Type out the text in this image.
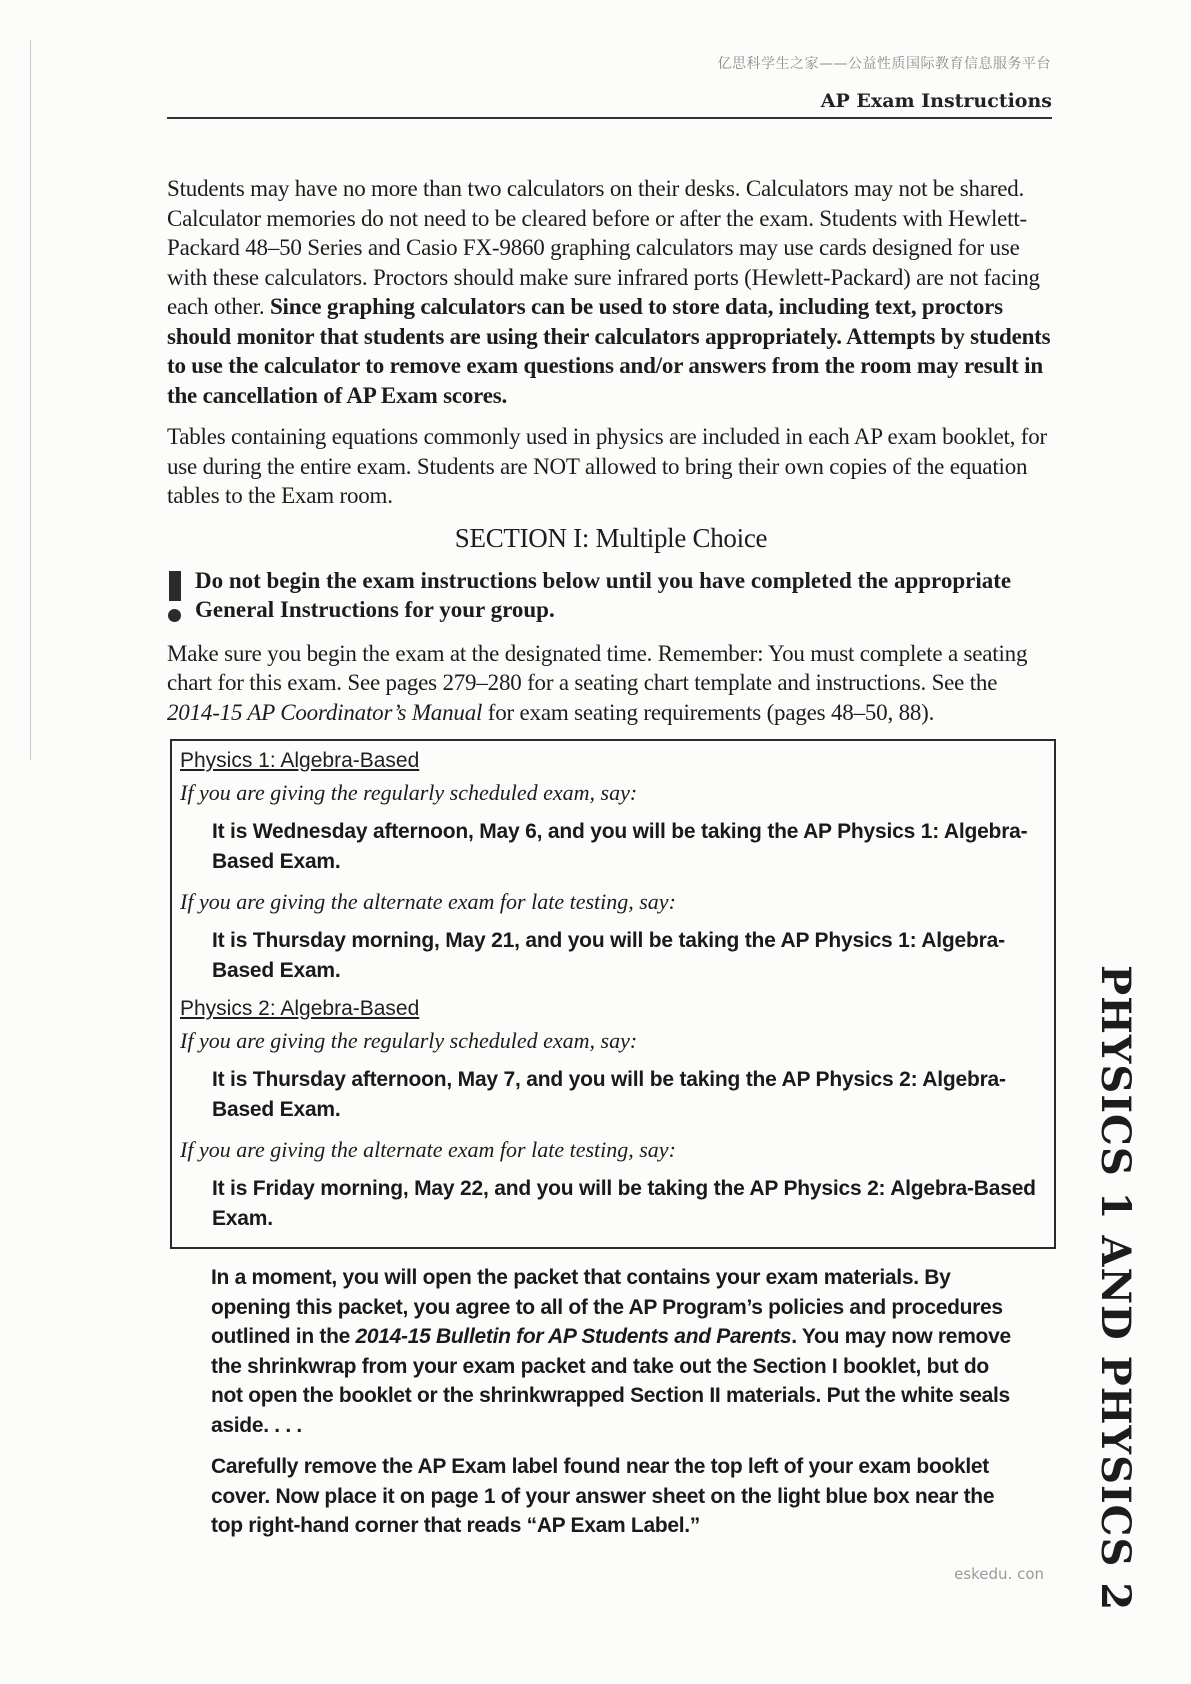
亿思科学生之家——公益性质国际教育信息服务平台
AP Exam Instructions

Students may have no more than two calculators on their desks. Calculators may not be shared. Calculator memories do not need to be cleared before or after the exam. Students with Hewlett-Packard 48–50 Series and Casio FX-9860 graphing calculators may use cards designed for use with these calculators. Proctors should make sure infrared ports (Hewlett-Packard) are not facing each other. Since graphing calculators can be used to store data, including text, proctors should monitor that students are using their calculators appropriately. Attempts by students to use the calculator to remove exam questions and/or answers from the room may result in the cancellation of AP Exam scores.

Tables containing equations commonly used in physics are included in each AP exam booklet, for use during the entire exam. Students are NOT allowed to bring their own copies of the equation tables to the Exam room.

SECTION I: Multiple Choice
Do not begin the exam instructions below until you have completed the appropriate General Instructions for your group.

Make sure you begin the exam at the designated time. Remember: You must complete a seating chart for this exam. See pages 279–280 for a seating chart template and instructions. See the 2014-15 AP Coordinator’s Manual for exam seating requirements (pages 48–50, 88).

Physics 1: Algebra-Based
If you are giving the regularly scheduled exam, say:
It is Wednesday afternoon, May 6, and you will be taking the AP Physics 1: Algebra-Based Exam.
If you are giving the alternate exam for late testing, say:
It is Thursday morning, May 21, and you will be taking the AP Physics 1: Algebra-Based Exam.
Physics 2: Algebra-Based
If you are giving the regularly scheduled exam, say:
It is Thursday afternoon, May 7, and you will be taking the AP Physics 2: Algebra-Based Exam.
If you are giving the alternate exam for late testing, say:
It is Friday morning, May 22, and you will be taking the AP Physics 2: Algebra-Based Exam.
In a moment, you will open the packet that contains your exam materials. By opening this packet, you agree to all of the AP Program’s policies and procedures outlined in the 2014-15 Bulletin for AP Students and Parents. You may now remove the shrinkwrap from your exam packet and take out the Section I booklet, but do not open the booklet or the shrinkwrapped Section II materials. Put the white seals aside. . . .
Carefully remove the AP Exam label found near the top left of your exam booklet cover. Now place it on page 1 of your answer sheet on the light blue box near the top right-hand corner that reads “AP Exam Label.”	PHYSICS 1 AND PHYSICS 2
eskedu. con
